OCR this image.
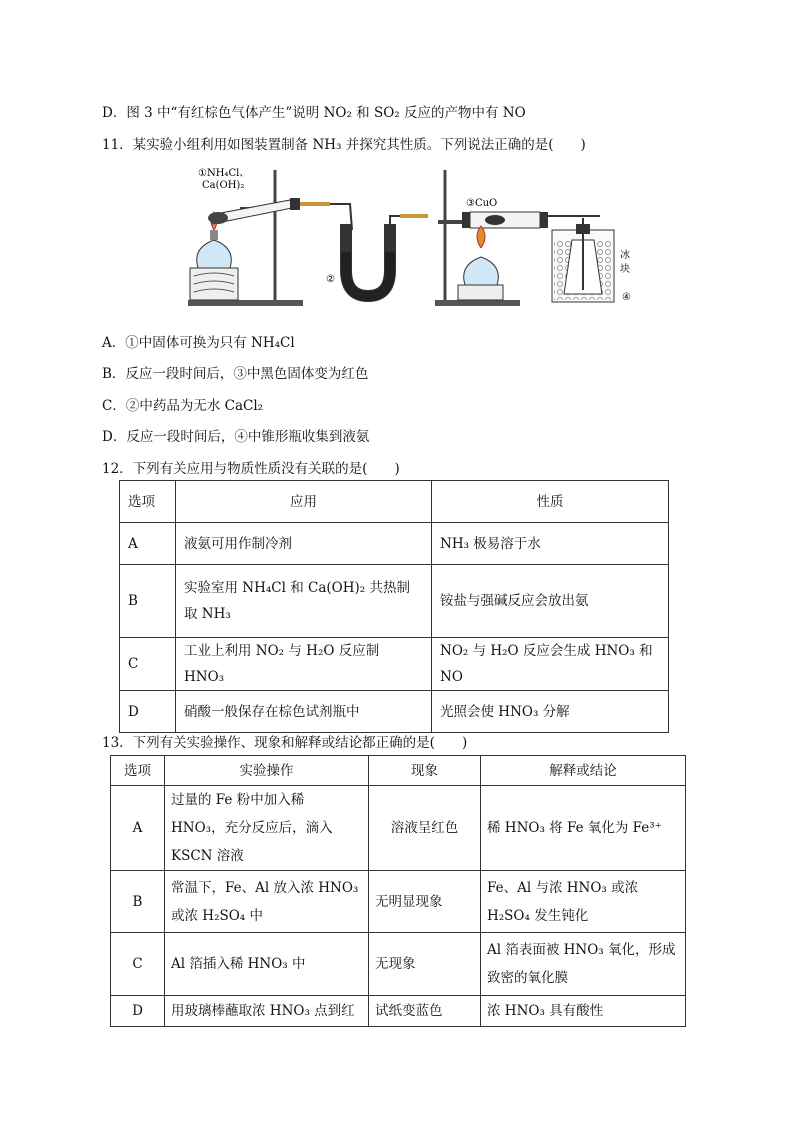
D．图 3 中“有红棕色气体产生”说明 NO₂ 和 SO₂ 反应的产物中有 NO
11．某实验小组利用如图装置制备 NH₃ 并探究其性质。下列说法正确的是(　　)
①NH₄Cl、
Ca(OH)₂
②
③CuO
冰
块
④
A．①中固体可换为只有 NH₄Cl
B．反应一段时间后，③中黑色固体变为红色
C．②中药品为无水 CaCl₂
D．反应一段时间后，④中锥形瓶收集到液氨
12．下列有关应用与物质性质没有关联的是(　　)
选项	应用	性质
A	液氨可用作制冷剂	NH₃ 极易溶于水
B	实验室用 NH₄Cl 和 Ca(OH)₂ 共热制取 NH₃	铵盐与强碱反应会放出氨
C	工业上利用 NO₂ 与 H₂O 反应制 HNO₃	NO₂ 与 H₂O 反应会生成 HNO₃ 和 NO
D	硝酸一般保存在棕色试剂瓶中	光照会使 HNO₃ 分解
13．下列有关实验操作、现象和解释或结论都正确的是(　　)
选项	实验操作	现象	解释或结论
A	过量的 Fe 粉中加入稀 HNO₃，充分反应后，滴入 KSCN 溶液	溶液呈红色	稀 HNO₃ 将 Fe 氧化为 Fe³⁺
B	常温下，Fe、Al 放入浓 HNO₃ 或浓 H₂SO₄ 中	无明显现象	Fe、Al 与浓 HNO₃ 或浓 H₂SO₄ 发生钝化
C	Al 箔插入稀 HNO₃ 中	无现象	Al 箔表面被 HNO₃ 氧化，形成致密的氧化膜
D	用玻璃棒蘸取浓 HNO₃ 点到红	试纸变蓝色	浓 HNO₃ 具有酸性
